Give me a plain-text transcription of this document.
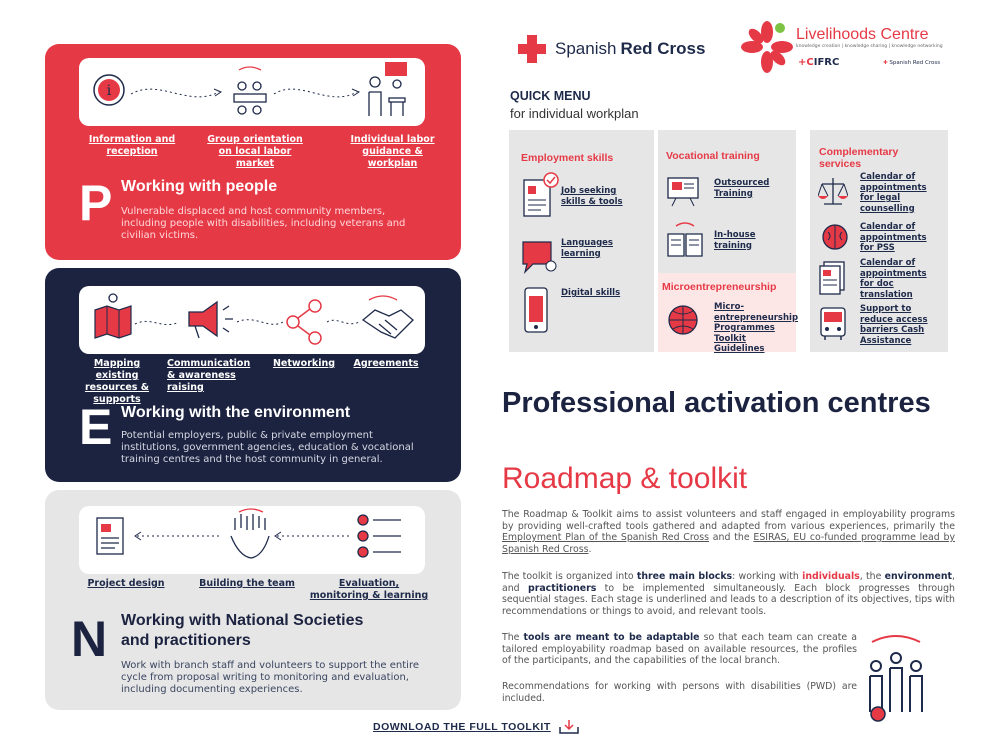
Spanish Red Cross
Livelihoods Centre
knowledge creation | knowledge sharing | knowledge networking
+CIFRC	✚ Spanish Red Cross
i
Information and reception
Group orientation on local labor market
Individual labor guidance & workplan
P Working with people
Vulnerable displaced and host community members, including people with disabilities, including veterans and civilian victims.
Mapping existing resources & supports
Communication & awareness raising
Networking Agreements
E Working with the environment
Potential employers, public & private employment institutions, government agencies, education & vocational training centres and the host community in general.
Project design	Building the team	Evaluation, monitoring & learning
N Working with National Societies
and practitioners
Work with branch staff and volunteers to support the entire cycle from proposal writing to monitoring and evaluation, including documenting experiences.
QUICK MENU
for individual workplan
Employment skills
Job seeking skills & tools
Languages learning
Digital skills
Vocational training
Outsourced Training
In-house training
Microentrepreneurship
Micro-entrepreneurship Programmes Toolkit Guidelines
Complementary
services
Calendar of appointments for legal counselling
Calendar of appointments for PSS
Calendar of appointments for doc translation
Support to reduce access barriers Cash Assistance
Professional activation centres
Roadmap & toolkit
The Roadmap & Toolkit aims to assist volunteers and staff engaged in employability programs by providing well-crafted tools gathered and adapted from various experiences, primarily the Employment Plan of the Spanish Red Cross and the ESIRAS, EU co-funded programme lead by Spanish Red Cross.
The toolkit is organized into three main blocks: working with individuals, the environment, and practitioners to be implemented simultaneously. Each block progresses through sequential stages. Each stage is underlined and leads to a description of its objectives, tips with recommendations or things to avoid, and relevant tools.
The tools are meant to be adaptable so that each team can create a tailored employability roadmap based on available resources, the profiles of the participants, and the capabilities of the local branch.
Recommendations for working with persons with disabilities (PWD) are included.
DOWNLOAD THE FULL TOOLKIT
